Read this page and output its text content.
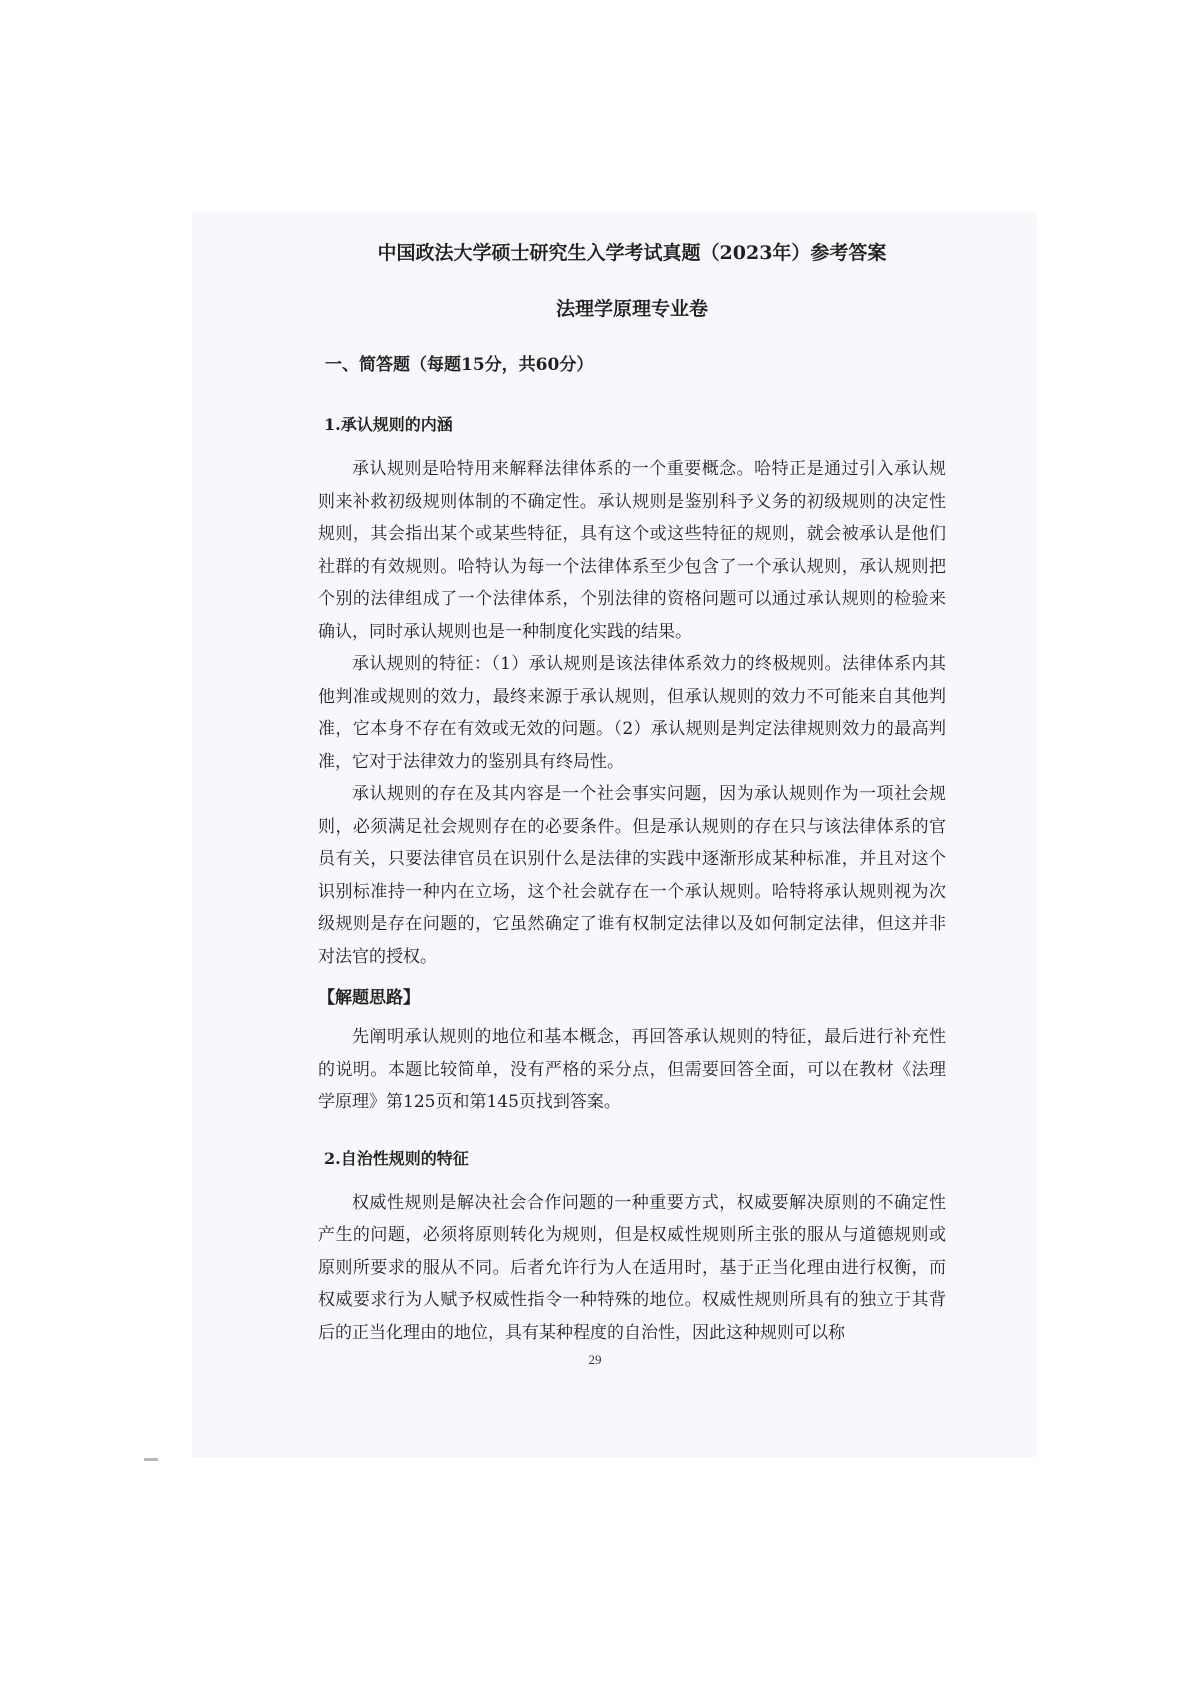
中国政法大学硕士研究生入学考试真题（2023年）参考答案
法理学原理专业卷
一、简答题（每题15分，共60分）
1.承认规则的内涵

承认规则是哈特用来解释法律体系的一个重要概念。哈特正是通过引入承认规则来补救初级规则体制的不确定性。承认规则是鉴别科予义务的初级规则的决定性规则，其会指出某个或某些特征，具有这个或这些特征的规则，就会被承认是他们社群的有效规则。哈特认为每一个法律体系至少包含了一个承认规则，承认规则把个别的法律组成了一个法律体系，个别法律的资格问题可以通过承认规则的检验来确认，同时承认规则也是一种制度化实践的结果。

承认规则的特征：（1）承认规则是该法律体系效力的终极规则。法律体系内其他判准或规则的效力，最终来源于承认规则，但承认规则的效力不可能来自其他判准，它本身不存在有效或无效的问题。（2）承认规则是判定法律规则效力的最高判准，它对于法律效力的鉴别具有终局性。

承认规则的存在及其内容是一个社会事实问题，因为承认规则作为一项社会规则，必须满足社会规则存在的必要条件。但是承认规则的存在只与该法律体系的官员有关，只要法律官员在识别什么是法律的实践中逐渐形成某种标准，并且对这个识别标准持一种内在立场，这个社会就存在一个承认规则。哈特将承认规则视为次级规则是存在问题的，它虽然确定了谁有权制定法律以及如何制定法律，但这并非对法官的授权。

【解题思路】

先阐明承认规则的地位和基本概念，再回答承认规则的特征，最后进行补充性的说明。本题比较简单，没有严格的采分点，但需要回答全面，可以在教材《法理学原理》第125页和第145页找到答案。

2.自治性规则的特征

权威性规则是解决社会合作问题的一种重要方式，权威要解决原则的不确定性产生的问题，必须将原则转化为规则，但是权威性规则所主张的服从与道德规则或原则所要求的服从不同。后者允许行为人在适用时，基于正当化理由进行权衡，而权威要求行为人赋予权威性指令一种特殊的地位。权威性规则所具有的独立于其背后的正当化理由的地位，具有某种程度的自治性，因此这种规则可以称

29
